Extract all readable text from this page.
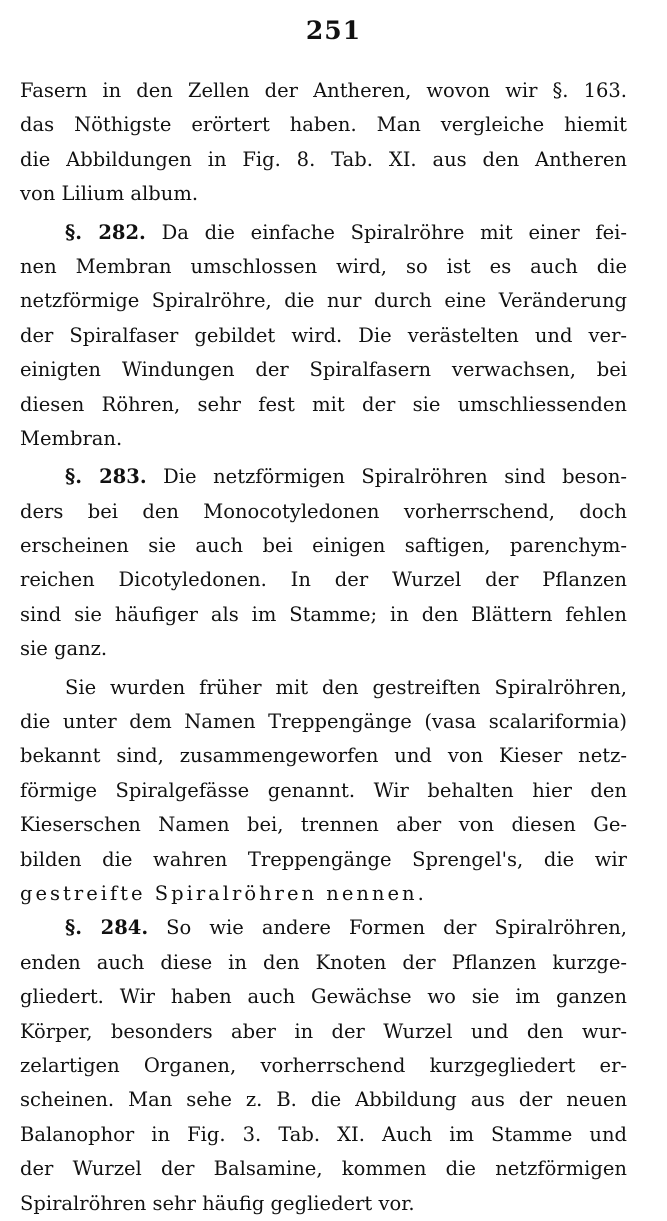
251
Fasern in den Zellen der Antheren, wovon wir §. 163.
das Nöthigste erörtert haben. Man vergleiche hiemit
die Abbildungen in Fig. 8. Tab. XI. aus den Antheren
von Lilium album.
§. 282. Da die einfache Spiralröhre mit einer fei-
nen Membran umschlossen wird, so ist es auch die
netzförmige Spiralröhre, die nur durch eine Veränderung
der Spiralfaser gebildet wird. Die verästelten und ver-
einigten Windungen der Spiralfasern verwachsen, bei
diesen Röhren, sehr fest mit der sie umschliessenden
Membran.
§. 283. Die netzförmigen Spiralröhren sind beson-
ders bei den Monocotyledonen vorherrschend, doch
erscheinen sie auch bei einigen saftigen, parenchym-
reichen Dicotyledonen. In der Wurzel der Pflanzen
sind sie häufiger als im Stamme; in den Blättern fehlen
sie ganz.
Sie wurden früher mit den gestreiften Spiralröhren,
die unter dem Namen Treppengänge (vasa scalariformia)
bekannt sind, zusammengeworfen und von Kieser netz-
förmige Spiralgefässe genannt. Wir behalten hier den
Kieserschen Namen bei, trennen aber von diesen Ge-
bilden die wahren Treppengänge Sprengel's, die wir
gestreifte Spiralröhren nennen.
§. 284. So wie andere Formen der Spiralröhren,
enden auch diese in den Knoten der Pflanzen kurzge-
gliedert. Wir haben auch Gewächse wo sie im ganzen
Körper, besonders aber in der Wurzel und den wur-
zelartigen Organen, vorherrschend kurzgegliedert er-
scheinen. Man sehe z. B. die Abbildung aus der neuen
Balanophor in Fig. 3. Tab. XI. Auch im Stamme und
der Wurzel der Balsamine, kommen die netzförmigen
Spiralröhren sehr häufig gegliedert vor.
